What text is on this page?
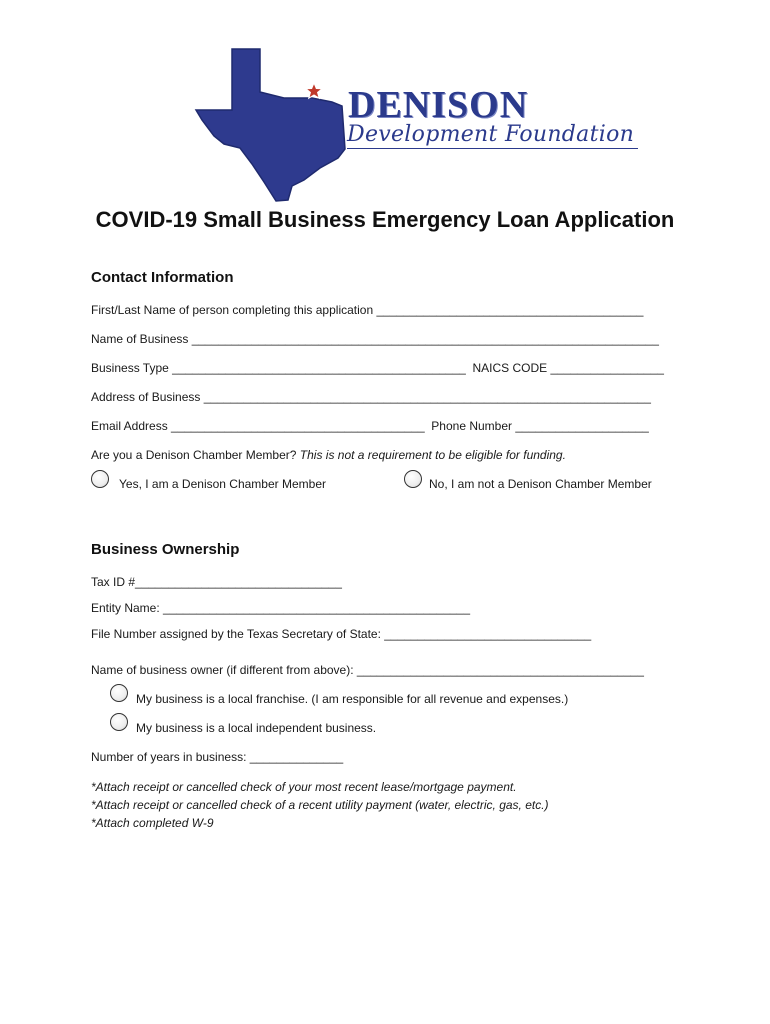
DENISON
Development Foundation
COVID-19 Small Business Emergency Loan Application
Contact Information
First/Last Name of person completing this application ________________________________________
Name of Business ______________________________________________________________________
Business Type ____________________________________________  NAICS CODE _________________
Address of Business ___________________________________________________________________
Email Address ______________________________________  Phone Number ____________________
Are you a Denison Chamber Member? This is not a requirement to be eligible for funding.
Yes, I am a Denison Chamber Member	No, I am not a Denison Chamber Member
Business Ownership
Tax ID #_______________________________
Entity Name: ______________________________________________
File Number assigned by the Texas Secretary of State: _______________________________
Name of business owner (if different from above): ___________________________________________
My business is a local franchise. (I am responsible for all revenue and expenses.)
My business is a local independent business.
Number of years in business: ______________
*Attach receipt or cancelled check of your most recent lease/mortgage payment.
*Attach receipt or cancelled check of a recent utility payment (water, electric, gas, etc.)
*Attach completed W-9
